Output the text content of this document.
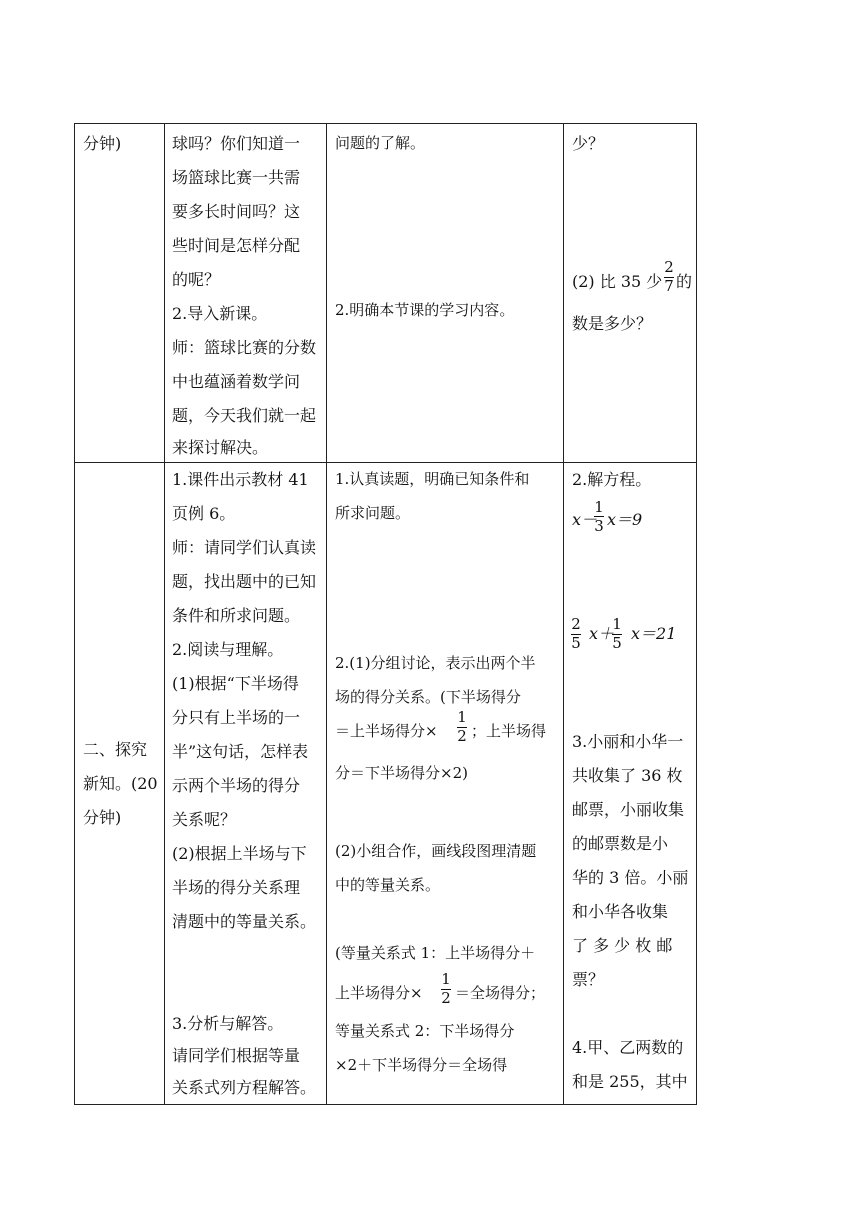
分钟)	球吗？你们知道一
场篮球比赛一共需
要多长时间吗？这
些时间是怎样分配
的呢？
2.导入新课。
师：篮球比赛的分数
中也蕴涵着数学问
题，今天我们就一起
来探讨解决。
问题的了解。
2.明确本节课的学习内容。
少？
(2) 比 35 少
2
7 的
数是多少？
二、探究
新知。(20
分钟)
1.课件出示教材 41
页例 6。
师：请同学们认真读
题，找出题中的已知
条件和所求问题。
2.阅读与理解。
(1)根据“下半场得
分只有上半场的一
半”这句话，怎样表
示两个半场的得分
关系呢？
(2)根据上半场与下
半场的得分关系理
清题中的等量关系。
3.分析与解答。
请同学们根据等量
关系式列方程解答。
1.认真读题，明确已知条件和
所求问题。
2.(1)分组讨论，表示出两个半
场的得分关系。(下半场得分
＝上半场得分×
1
2 ；上半场得
分＝下半场得分×2)
(2)小组合作，画线段图理清题
中的等量关系。
(等量关系式 1：上半场得分＋
上半场得分×
1
2 ＝全场得分；
等量关系式 2：下半场得分
×2＋下半场得分＝全场得
2.解方程。
x－
1
3 x＝9
2
5 x＋
1
5 x＝21
3.小丽和小华一
共收集了 36 枚
邮票，小丽收集
的邮票数是小
华的 3 倍。小丽
和小华各收集
了 多 少 枚 邮
票？
4.甲、乙两数的
和是 255，其中
